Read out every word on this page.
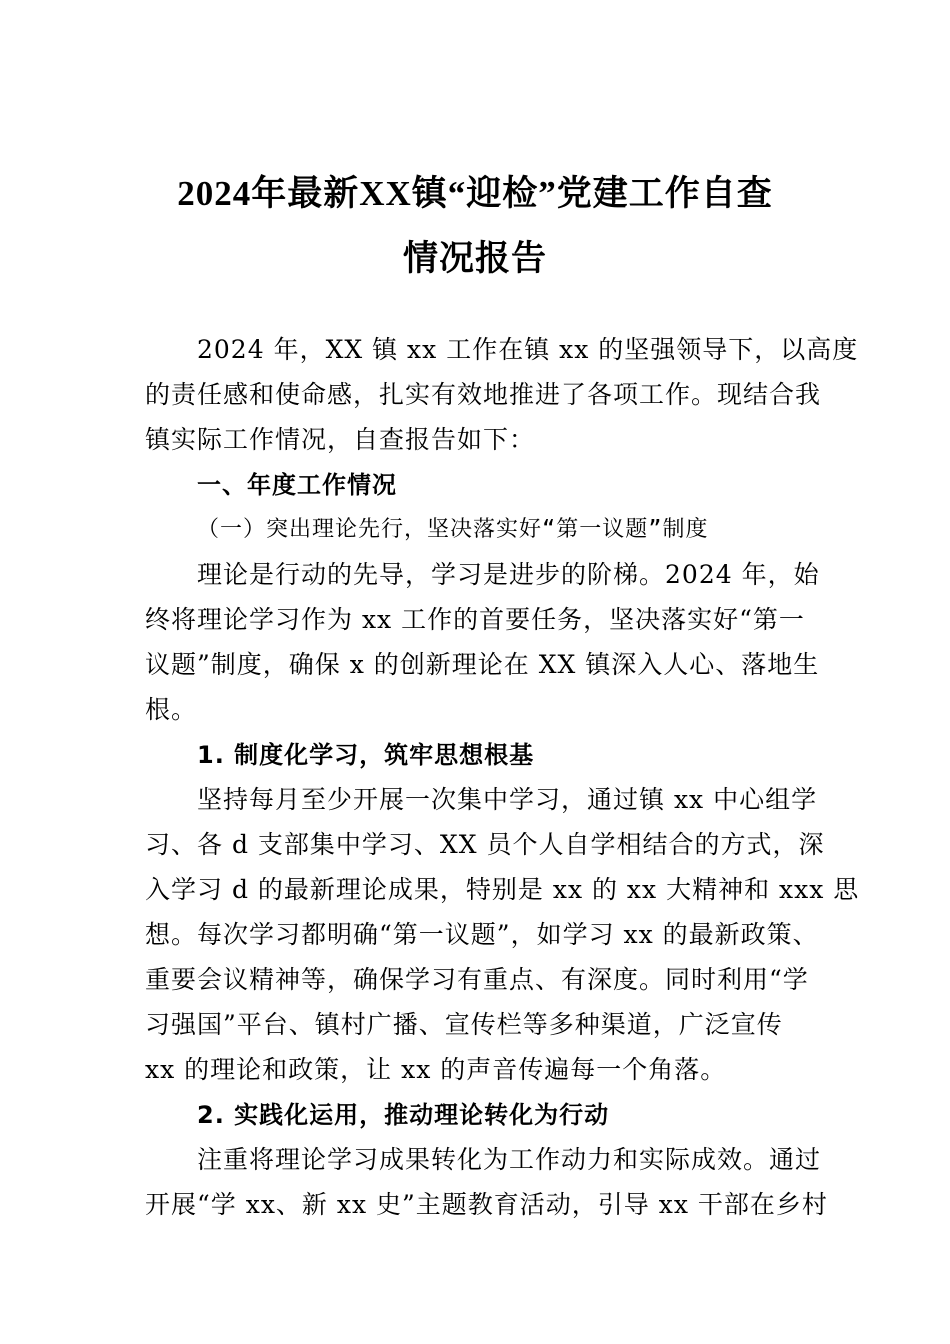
2024年最新XX镇“迎检”党建工作自查
情况报告
2024 年，XX 镇 xx 工作在镇 xx 的坚强领导下，以高度
的责任感和使命感，扎实有效地推进了各项工作。现结合我
镇实际工作情况，自查报告如下：
一、年度工作情况
（一）突出理论先行，坚决落实好“第一议题”制度
理论是行动的先导，学习是进步的阶梯。2024 年，始
终将理论学习作为 xx 工作的首要任务，坚决落实好“第一
议题”制度，确保 x 的创新理论在 XX 镇深入人心、落地生
根。
1. 制度化学习，筑牢思想根基
坚持每月至少开展一次集中学习，通过镇 xx 中心组学
习、各 d 支部集中学习、XX 员个人自学相结合的方式，深
入学习 d 的最新理论成果，特别是 xx 的 xx 大精神和 xxx 思
想。每次学习都明确“第一议题”，如学习 xx 的最新政策、
重要会议精神等，确保学习有重点、有深度。同时利用“学
习强国”平台、镇村广播、宣传栏等多种渠道，广泛宣传
xx 的理论和政策，让 xx 的声音传遍每一个角落。
2. 实践化运用，推动理论转化为行动
注重将理论学习成果转化为工作动力和实际成效。通过
开展“学 xx、新 xx 史”主题教育活动，引导 xx 干部在乡村
